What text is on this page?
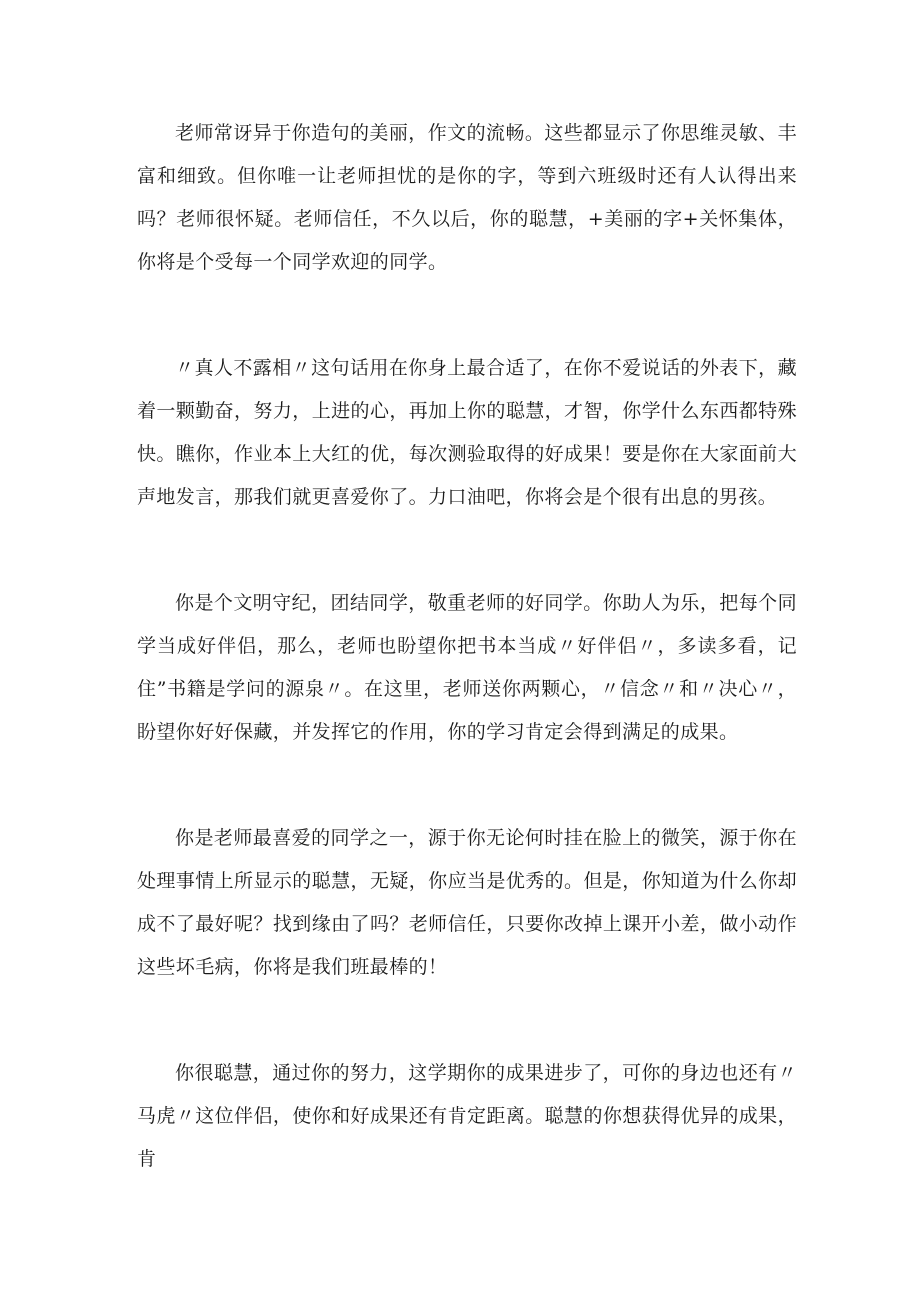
老师常讶异于你造句的美丽，作文的流畅。这些都显示了你思维灵敏、丰富和细致。但你唯一让老师担忧的是你的字，等到六班级时还有人认得出来吗？老师很怀疑。老师信任，不久以后，你的聪慧，+美丽的字+关怀集体，你将是个受每一个同学欢迎的同学。

〃真人不露相〃这句话用在你身上最合适了，在你不爱说话的外表下，藏着一颗勤奋，努力，上进的心，再加上你的聪慧，才智，你学什么东西都特殊快。瞧你，作业本上大红的优，每次测验取得的好成果！要是你在大家面前大声地发言，那我们就更喜爱你了。力口油吧，你将会是个很有出息的男孩。

你是个文明守纪，团结同学，敬重老师的好同学。你助人为乐，把每个同学当成好伴侣，那么，老师也盼望你把书本当成〃好伴侣〃，多读多看，记住”书籍是学问的源泉〃。在这里，老师送你两颗心，〃信念〃和〃决心〃，盼望你好好保藏，并发挥它的作用，你的学习肯定会得到满足的成果。

你是老师最喜爱的同学之一，源于你无论何时挂在脸上的微笑，源于你在处理事情上所显示的聪慧，无疑，你应当是优秀的。但是，你知道为什么你却成不了最好呢？找到缘由了吗？老师信任，只要你改掉上课开小差，做小动作这些坏毛病，你将是我们班最棒的！

你很聪慧，通过你的努力，这学期你的成果进步了，可你的身边也还有〃马虎〃这位伴侣，使你和好成果还有肯定距离。聪慧的你想获得优异的成果，肯
